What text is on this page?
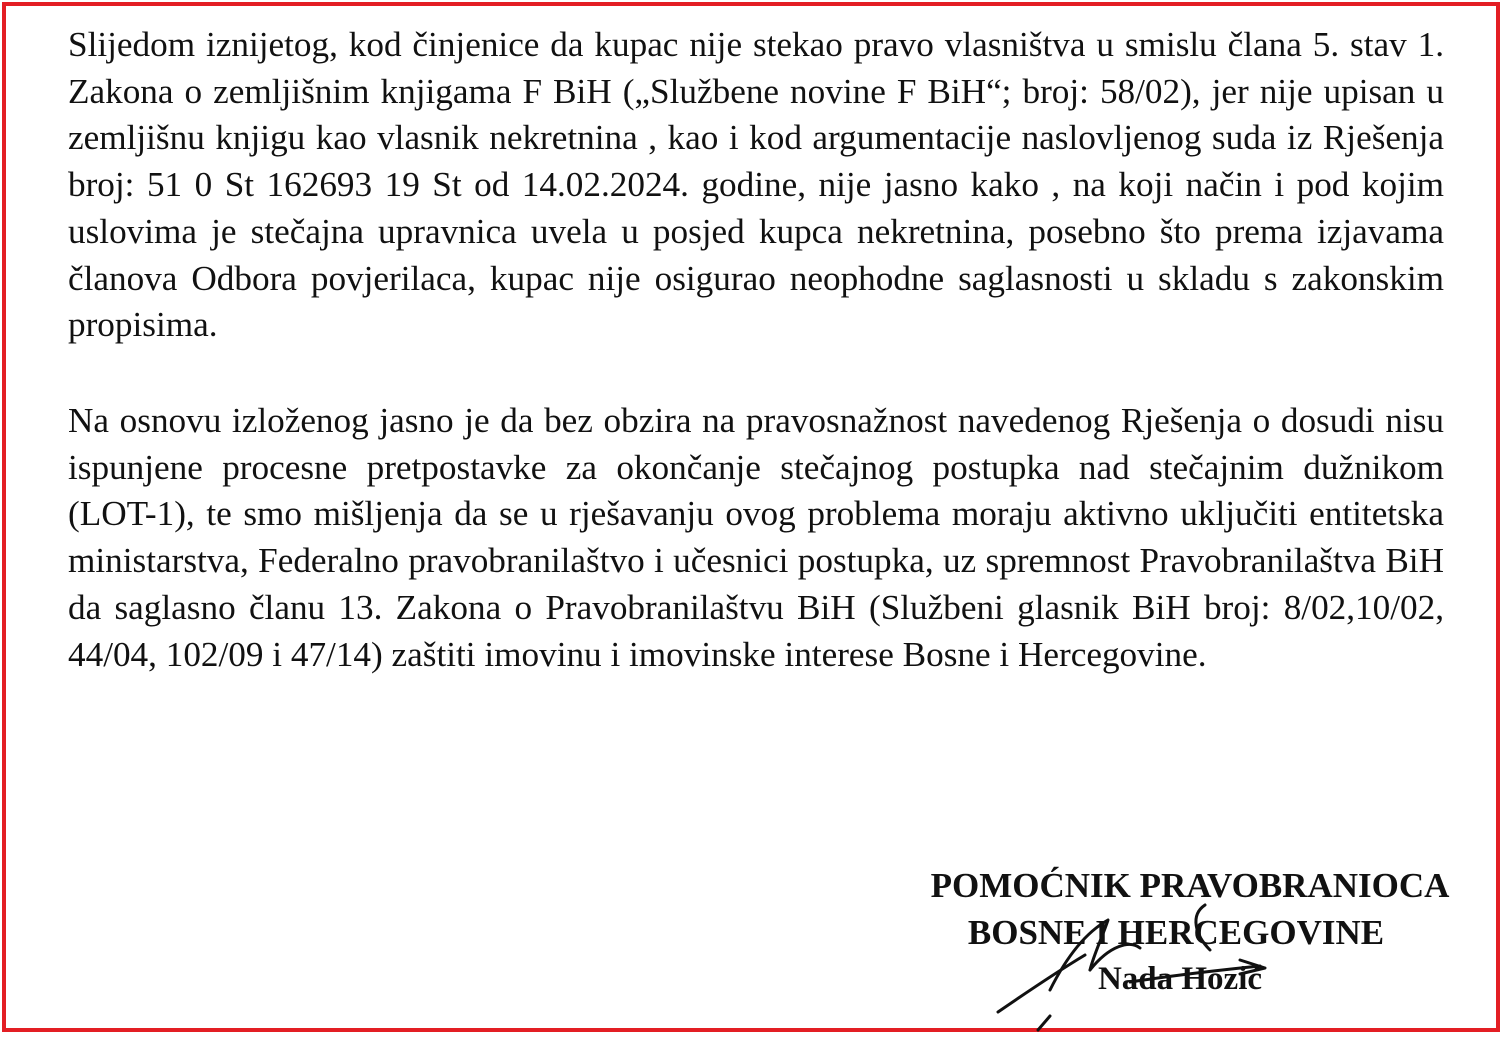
Slijedom iznijetog, kod činjenice da kupac nije stekao pravo vlasništva u smislu člana 5. stav 1. Zakona o zemljišnim knjigama F BiH („Službene novine F BiH“; broj: 58/02), jer nije upisan u zemljišnu knjigu kao vlasnik nekretnina , kao i kod argumentacije naslovljenog suda iz Rješenja broj: 51 0 St 162693 19 St od 14.02.2024. godine, nije jasno kako , na koji način i pod kojim uslovima je stečajna upravnica uvela u posjed kupca nekretnina, posebno što prema izjavama članova Odbora povjerilaca, kupac nije osigurao neophodne saglasnosti u skladu s zakonskim propisima.

Na osnovu izloženog jasno je da bez obzira na pravosnažnost navedenog Rješenja o dosudi nisu ispunjene procesne pretpostavke za okončanje stečajnog postupka nad stečajnim dužnikom (LOT-1), te smo mišljenja da se u rješavanju ovog problema moraju aktivno uključiti entitetska ministarstva, Federalno pravobranilaštvo i učesnici postupka, uz spremnost Pravobranilaštva BiH da saglasno članu 13. Zakona o Pravobranilaštvu BiH (Službeni glasnik BiH broj: 8/02,10/02, 44/04, 102/09 i 47/14) zaštiti imovinu i imovinske interese Bosne i Hercegovine.

POMOĆNIK PRAVOBRANIOCA
BOSNE I HERCEGOVINE
Nada Hozić
